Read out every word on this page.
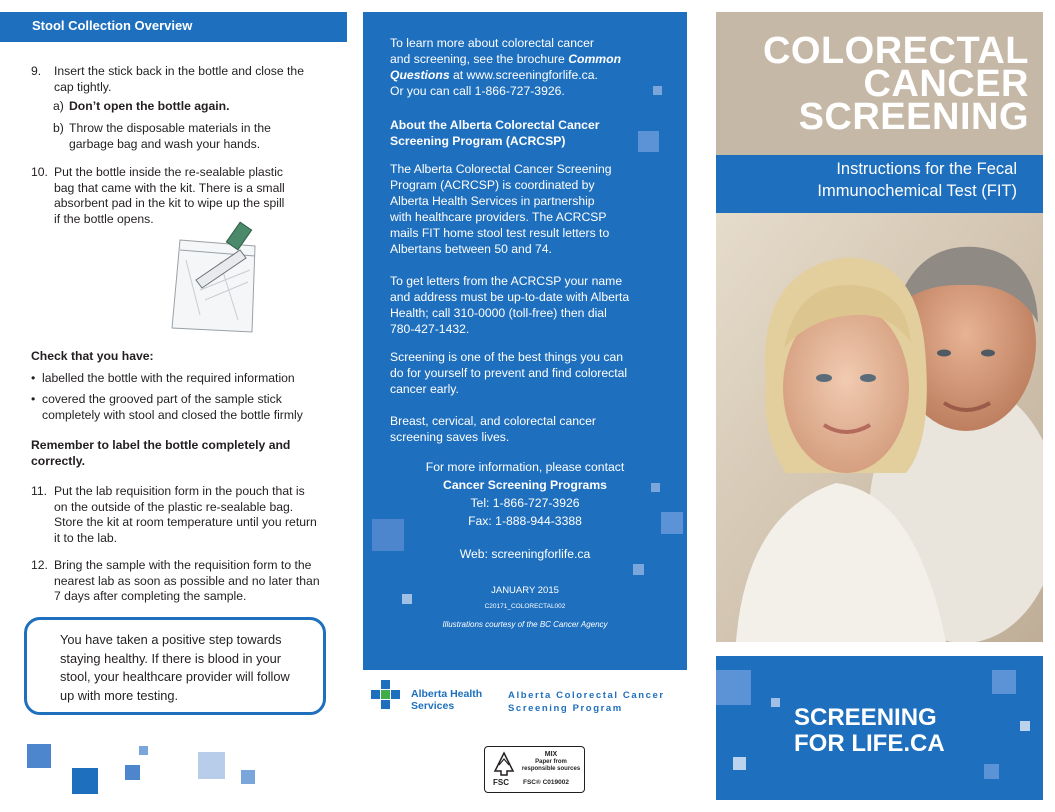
Stool Collection Overview
9. Insert the stick back in the bottle and close the
cap tightly.
a) Don’t open the bottle again.
b) Throw the disposable materials in the
garbage bag and wash your hands.
10. Put the bottle inside the re-sealable plastic
bag that came with the kit. There is a small
absorbent pad in the kit to wipe up the spill
if the bottle opens.
Check that you have:
• labelled the bottle with the required information
• covered the grooved part of the sample stick
completely with stool and closed the bottle firmly
Remember to label the bottle completely and
correctly.
11. Put the lab requisition form in the pouch that is
on the outside of the plastic re-sealable bag.
Store the kit at room temperature until you return
it to the lab.
12. Bring the sample with the requisition form to the
nearest lab as soon as possible and no later than
7 days after completing the sample.
You have taken a positive step towards
staying healthy. If there is blood in your
stool, your healthcare provider will follow
up with more testing.
To learn more about colorectal cancer
and screening, see the brochure Common
Questions at www.screeningforlife.ca.
Or you can call 1-866-727-3926.
About the Alberta Colorectal Cancer
Screening Program (ACRCSP)
The Alberta Colorectal Cancer Screening
Program (ACRCSP) is coordinated by
Alberta Health Services in partnership
with healthcare providers. The ACRCSP
mails FIT home stool test result letters to
Albertans between 50 and 74.
To get letters from the ACRCSP your name
and address must be up-to-date with Alberta
Health; call 310-0000 (toll-free) then dial
780-427-1432.
Screening is one of the best things you can
do for yourself to prevent and find colorectal
cancer early.
Breast, cervical, and colorectal cancer
screening saves lives.
For more information, please contact
Cancer Screening Programs
Tel: 1-866-727-3926
Fax: 1-888-944-3388
Web: screeningforlife.ca
JANUARY 2015
C20171_COLORECTAL002
Illustrations courtesy of the BC Cancer Agency
Alberta Health
Services
Alberta Colorectal Cancer
Screening Program
FSC
MIX
Paper from
responsible sources
FSC® C019002
COLORECTAL
CANCER
SCREENING
Instructions for the Fecal
Immunochemical Test (FIT)
SCREENING
FOR LIFE.CA
